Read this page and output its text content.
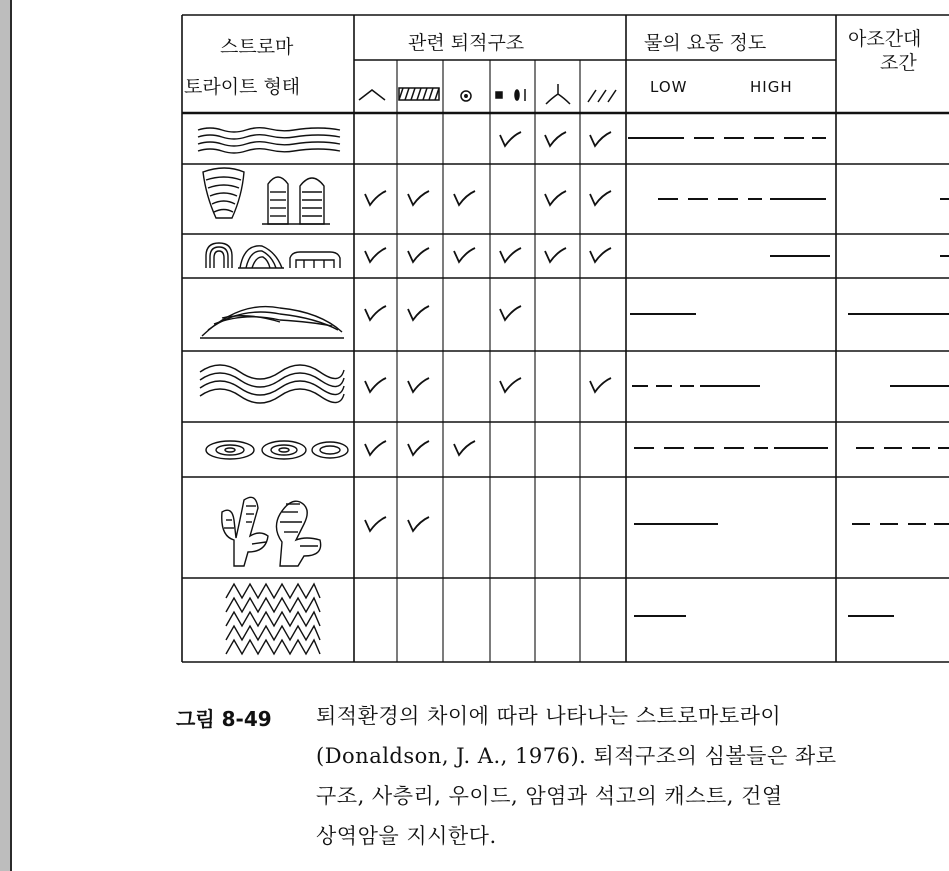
스트로마
토라이트 형태
관련 퇴적구조	물의 요동 정도
LOW	HIGH
아조간대
조간
그림 8-49 퇴적환경의 차이에 따라 나타나는 스트로마토라이
(Donaldson, J. A., 1976). 퇴적구조의 심볼들은 좌로
구조, 사층리, 우이드, 암염과 석고의 캐스트, 건열
상역암을 지시한다.
